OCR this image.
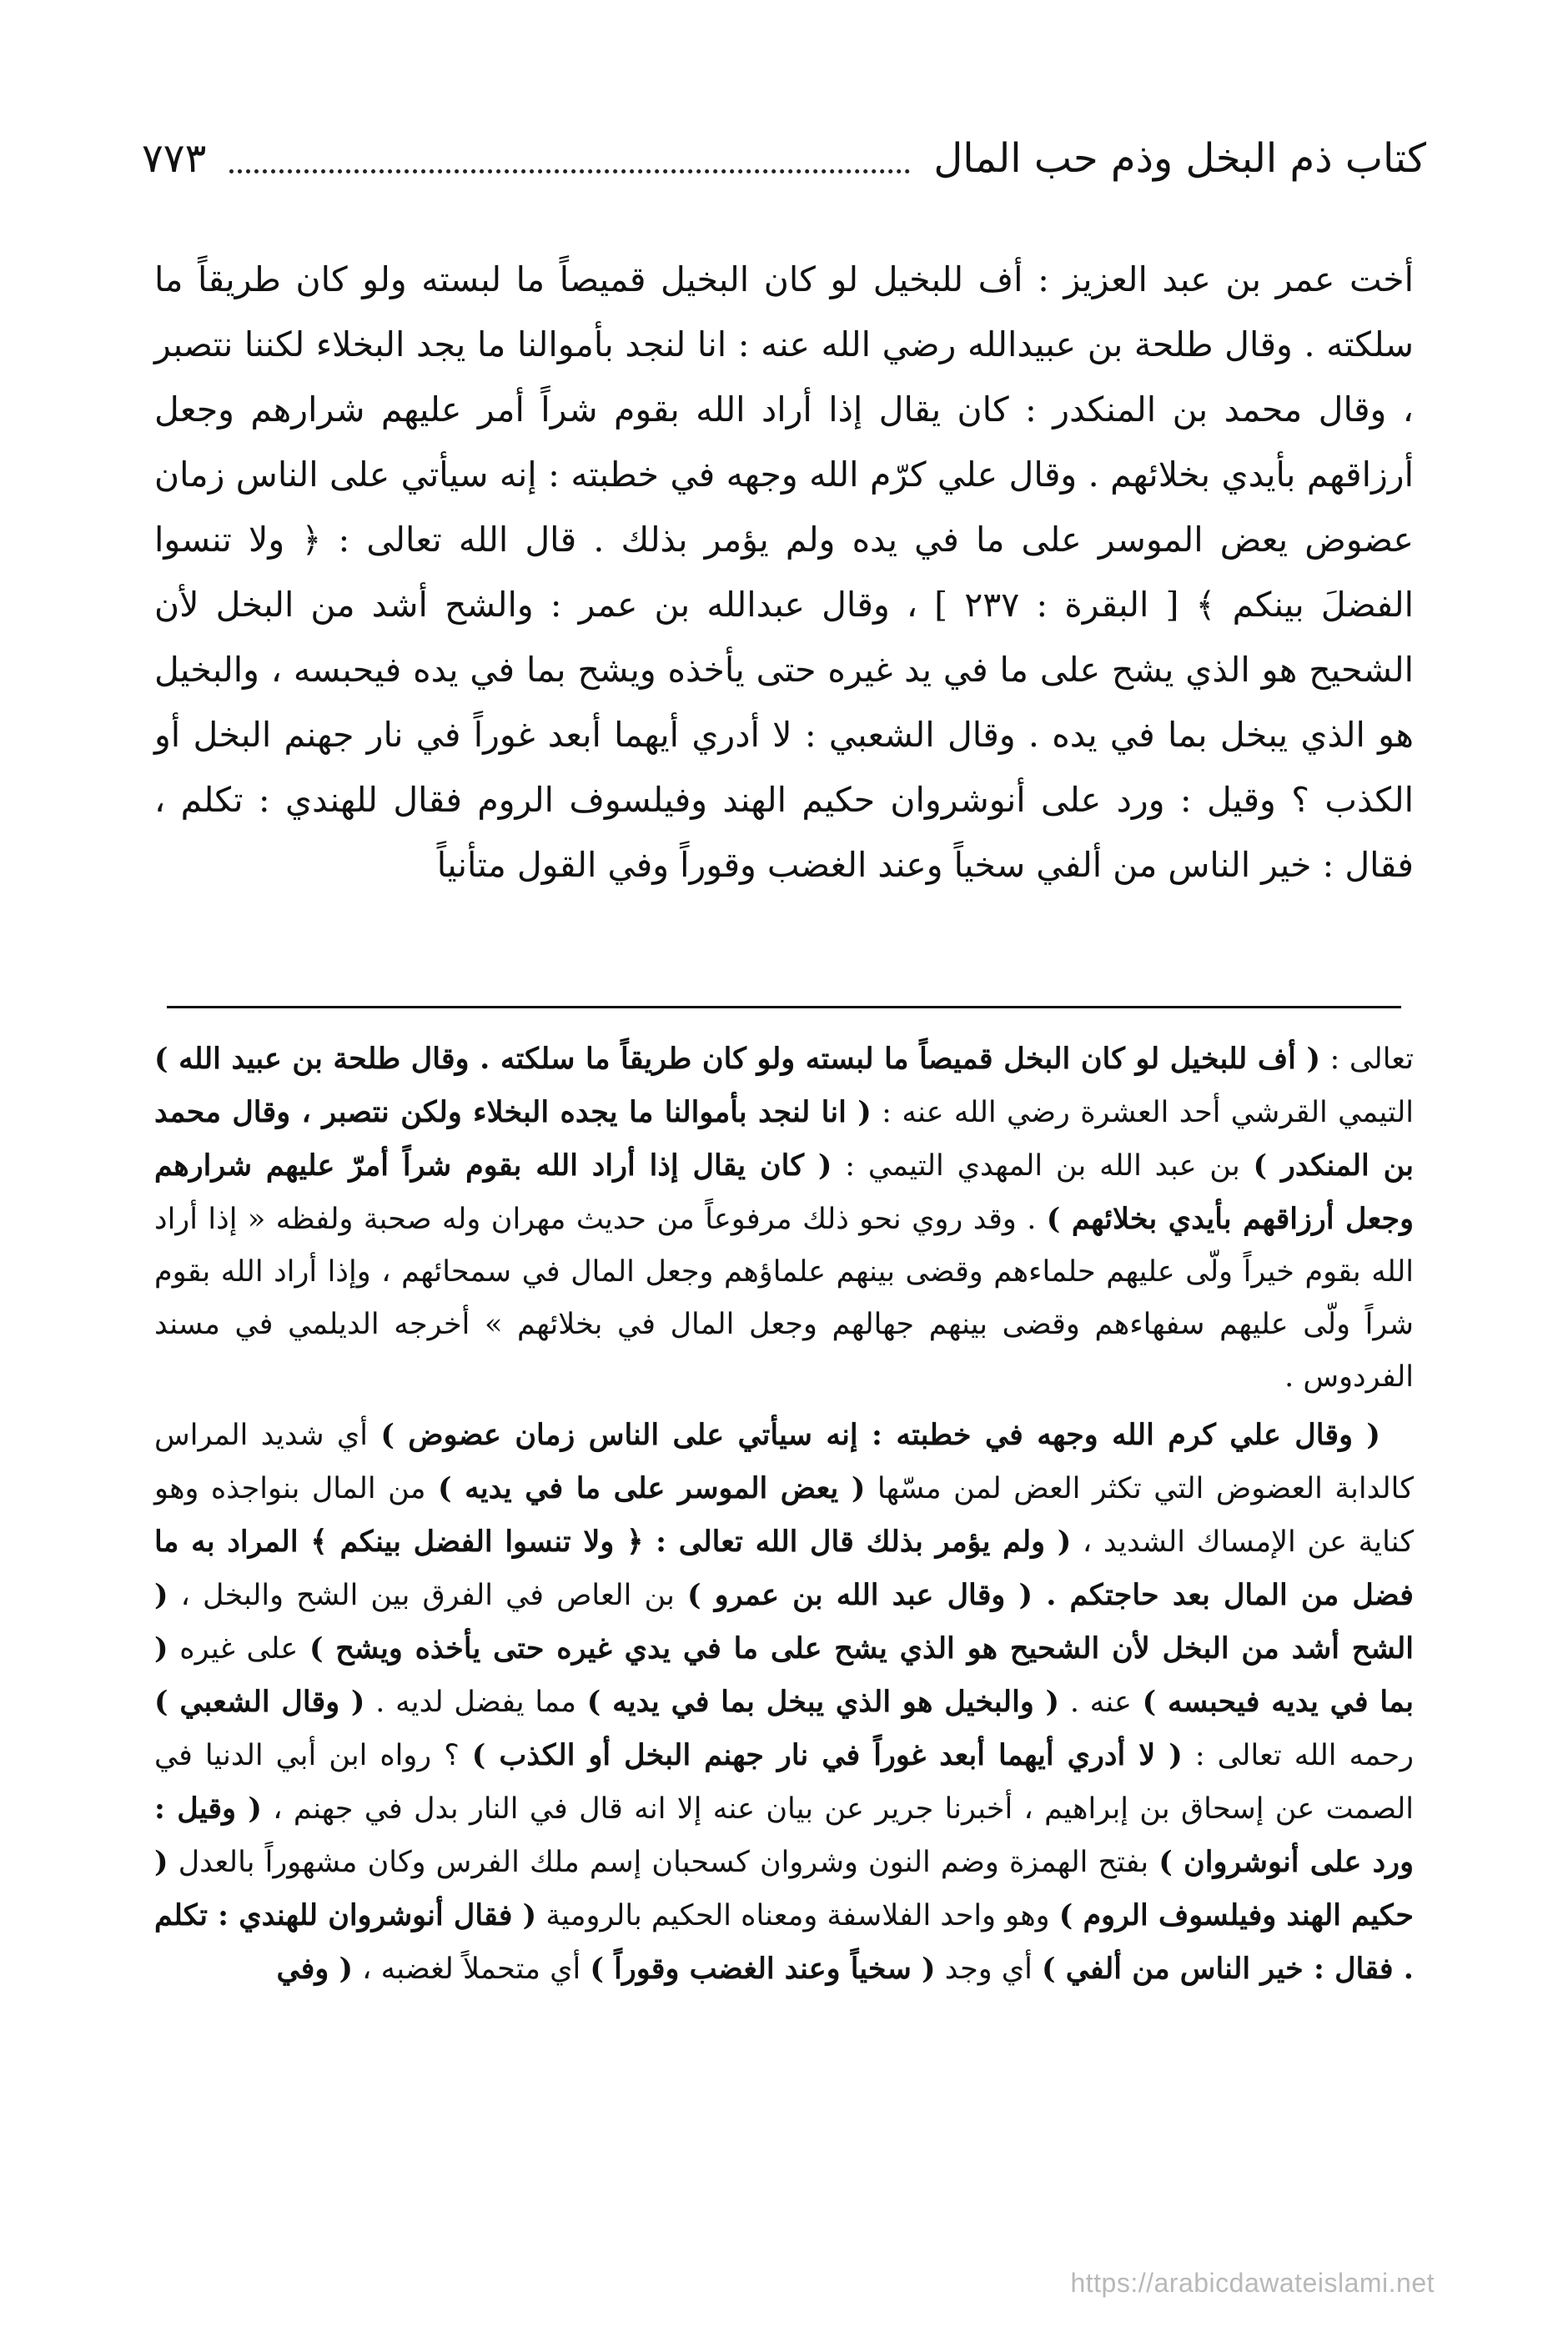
كتاب ذم البخل وذم حب المال
٧٧٣

أخت عمر بن عبد العزيز : أف للبخيل لو كان البخيل قميصاً ما لبسته ولو كان طريقاً ما سلكته . وقال طلحة بن عبيدالله رضي الله عنه : انا لنجد بأموالنا ما يجد البخلاء لكننا نتصبر ، وقال محمد بن المنكدر : كان يقال إذا أراد الله بقوم شراً أمر عليهم شرارهم وجعل أرزاقهم بأيدي بخلائهم . وقال علي كرّم الله وجهه في خطبته : إنه سيأتي على الناس زمان عضوض يعض الموسر على ما في يده ولم يؤمر بذلك . قال الله تعالى : ﴿ ولا تنسوا الفضلَ بينكم ﴾ [ البقرة : ٢٣٧ ] ، وقال عبدالله بن عمر : والشح أشد من البخل لأن الشحيح هو الذي يشح على ما في يد غيره حتى يأخذه ويشح بما في يده فيحبسه ، والبخيل هو الذي يبخل بما في يده . وقال الشعبي : لا أدري أيهما أبعد غوراً في نار جهنم البخل أو الكذب ؟ وقيل : ورد على أنوشروان حكيم الهند وفيلسوف الروم فقال للهندي : تكلم ، فقال : خير الناس من ألفي سخياً وعند الغضب وقوراً وفي القول متأنياً

تعالى : ( أف للبخيل لو كان البخل قميصاً ما لبسته ولو كان طريقاً ما سلكته . وقال طلحة بن عبيد الله ) التيمي القرشي أحد العشرة رضي الله عنه : ( انا لنجد بأموالنا ما يجده البخلاء ولكن نتصبر ، وقال محمد بن المنكدر ) بن عبد الله بن المهدي التيمي : ( كان يقال إذا أراد الله بقوم شراً أمرّ عليهم شرارهم وجعل أرزاقهم بأيدي بخلائهم ) . وقد روي نحو ذلك مرفوعاً من حديث مهران وله صحبة ولفظه « إذا أراد الله بقوم خيراً ولّى عليهم حلماءهم وقضى بينهم علماؤهم وجعل المال في سمحائهم ، وإذا أراد الله بقوم شراً ولّى عليهم سفهاءهم وقضى بينهم جهالهم وجعل المال في بخلائهم » أخرجه الديلمي في مسند الفردوس .

( وقال علي كرم الله وجهه في خطبته : إنه سيأتي على الناس زمان عضوض ) أي شديد المراس كالدابة العضوض التي تكثر العض لمن مسّها ( يعض الموسر على ما في يديه ) من المال بنواجذه وهو كناية عن الإمساك الشديد ، ( ولم يؤمر بذلك قال الله تعالى : ﴿ ولا تنسوا الفضل بينكم ﴾ المراد به ما فضل من المال بعد حاجتكم . ( وقال عبد الله بن عمرو ) بن العاص في الفرق بين الشح والبخل ، ( الشح أشد من البخل لأن الشحيح هو الذي يشح على ما في يدي غيره حتى يأخذه ويشح ) على غيره ( بما في يديه فيحبسه ) عنه . ( والبخيل هو الذي يبخل بما في يديه ) مما يفضل لديه . ( وقال الشعبي ) رحمه الله تعالى : ( لا أدري أيهما أبعد غوراً في نار جهنم البخل أو الكذب ) ؟ رواه ابن أبي الدنيا في الصمت عن إسحاق بن إبراهيم ، أخبرنا جرير عن بيان عنه إلا انه قال في النار بدل في جهنم ، ( وقيل : ورد على أنوشروان ) بفتح الهمزة وضم النون وشروان كسحبان إسم ملك الفرس وكان مشهوراً بالعدل ( حكيم الهند وفيلسوف الروم ) وهو واحد الفلاسفة ومعناه الحكيم بالرومية ( فقال أنوشروان للهندي : تكلم . فقال : خير الناس من ألفي ) أي وجد ( سخياً وعند الغضب وقوراً ) أي متحملاً لغضبه ، ( وفي

https://arabicdawateislami.net
